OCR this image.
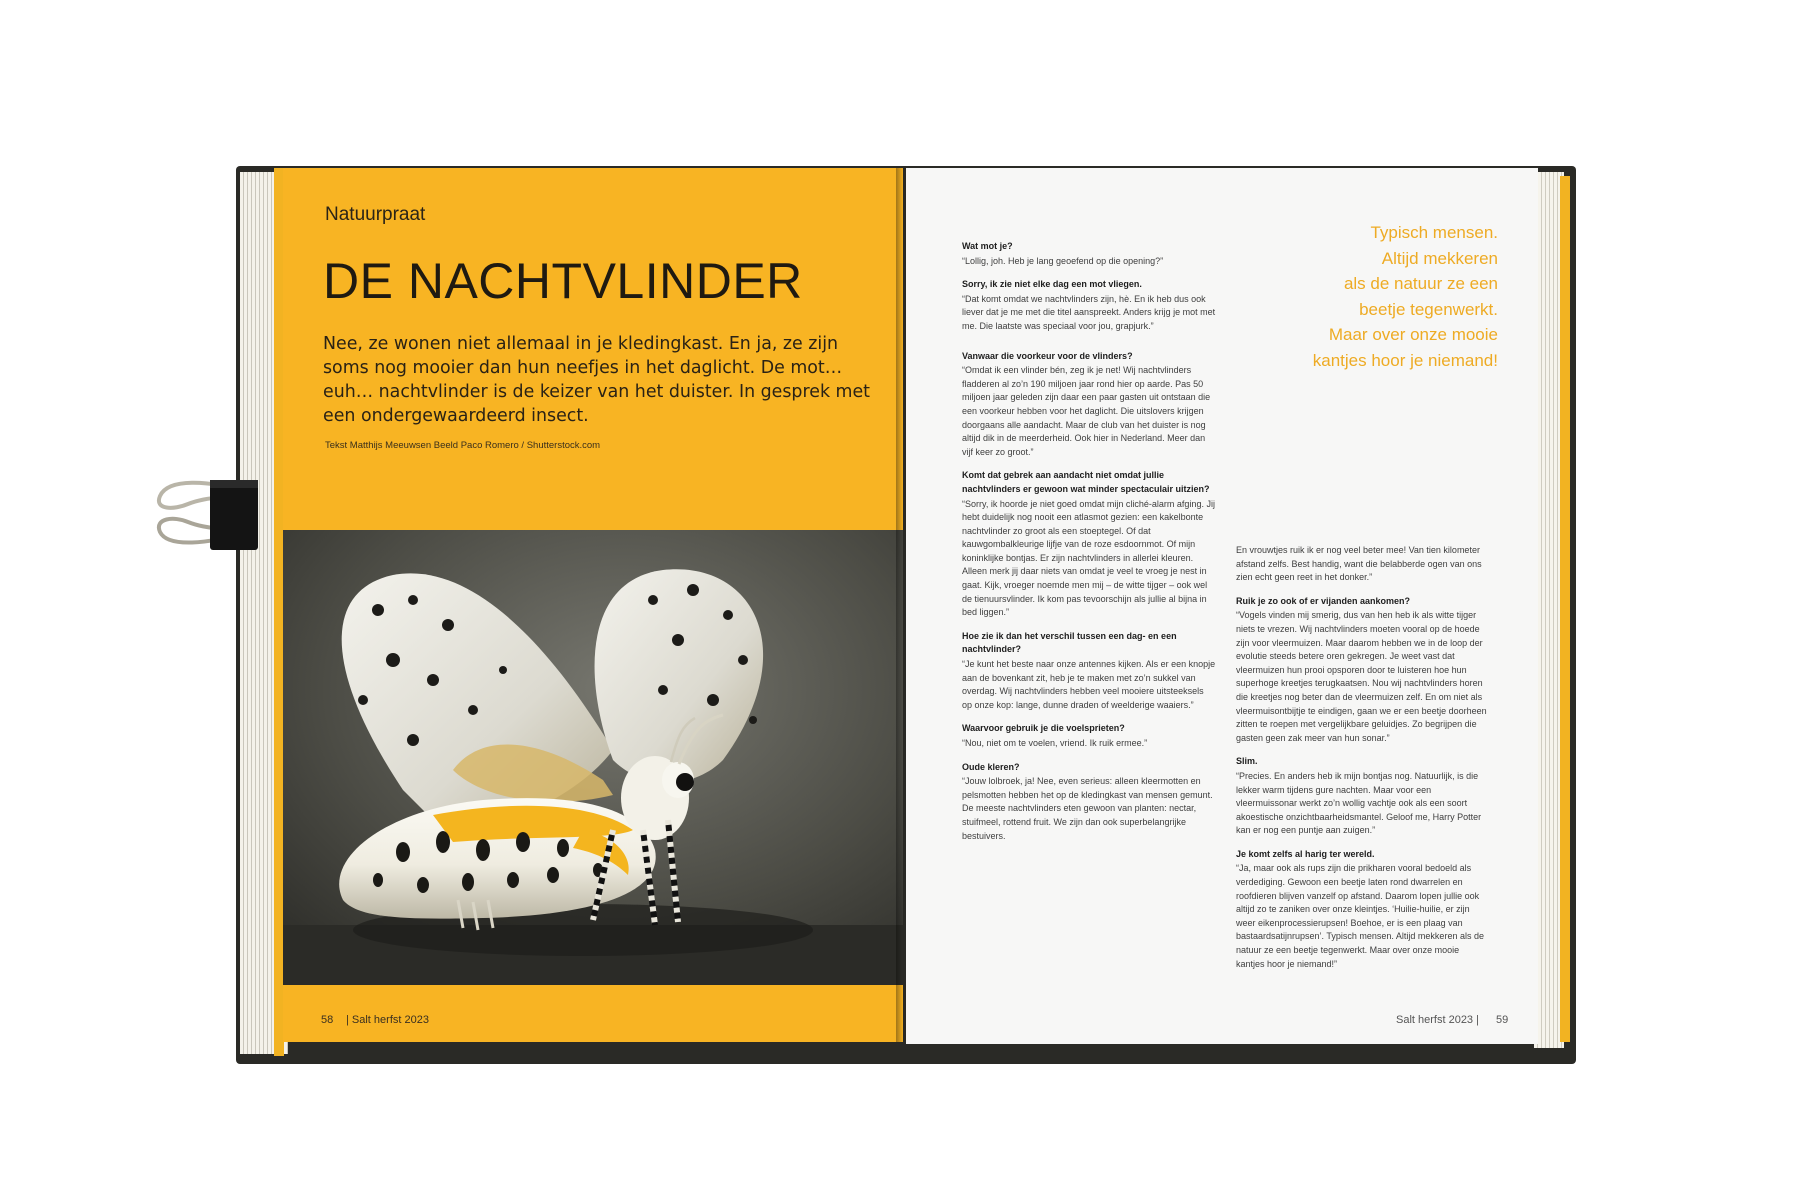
Natuurpraat
DE NACHTVLINDER
Nee, ze wonen niet allemaal in je kledingkast. En ja, ze zijn soms nog mooier dan hun neefjes in het daglicht. De mot… euh… nachtvlinder is de keizer van het duister. In gesprek met een ondergewaardeerd insect.
Tekst Matthijs Meeuwsen Beeld Paco Romero / Shutterstock.com
58 | Salt herfst 2023

Wat mot je?
“Lollig, joh. Heb je lang geoefend op die opening?”

Sorry, ik zie niet elke dag een mot vliegen.
“Dat komt omdat we nachtvlinders zijn, hè. En ik heb dus ook liever dat je me met die titel aanspreekt. Anders krijg je mot met me. Die laatste was speciaal voor jou, grapjurk.”

Vanwaar die voorkeur voor de vlinders?
“Omdat ik een vlinder bén, zeg ik je net! Wij nachtvlinders fladderen al zo’n 190 miljoen jaar rond hier op aarde. Pas 50 miljoen jaar geleden zijn daar een paar gasten uit ontstaan die een voorkeur hebben voor het daglicht. Die uitslovers krijgen doorgaans alle aandacht. Maar de club van het duister is nog altijd dik in de meerderheid. Ook hier in Nederland. Meer dan vijf keer zo groot.”

Komt dat gebrek aan aandacht niet omdat jullie nachtvlinders er gewoon wat minder spectaculair uitzien?
“Sorry, ik hoorde je niet goed omdat mijn cliché-alarm afging. Jij hebt duidelijk nog nooit een atlasmot gezien: een kakelbonte nachtvlinder zo groot als een stoeptegel. Of dat kauwgombalkleurige lijfje van de roze esdoornmot. Of mijn koninklijke bontjas. Er zijn nachtvlinders in allerlei kleuren. Alleen merk jij daar niets van omdat je veel te vroeg je nest in gaat. Kijk, vroeger noemde men mij – de witte tijger – ook wel de tienuursvlinder. Ik kom pas tevoorschijn als jullie al bijna in bed liggen.”

Hoe zie ik dan het verschil tussen een dag- en een nachtvlinder?
“Je kunt het beste naar onze antennes kijken. Als er een knopje aan de bovenkant zit, heb je te maken met zo’n sukkel van overdag. Wij nachtvlinders hebben veel mooiere uitsteeksels op onze kop: lange, dunne draden of weelderige waaiers.”

Waarvoor gebruik je die voelsprieten?
“Nou, niet om te voelen, vriend. Ik ruik ermee.”

Oude kleren?
“Jouw lolbroek, ja! Nee, even serieus: alleen kleermotten en pelsmotten hebben het op de kledingkast van mensen gemunt. De meeste nachtvlinders eten gewoon van planten: nectar, stuifmeel, rottend fruit. We zijn dan ook superbelangrijke bestuivers.

Typisch mensen.
Altijd mekkeren
als de natuur ze een
beetje tegenwerkt.
Maar over onze mooie
kantjes hoor je niemand!

En vrouwtjes ruik ik er nog veel beter mee! Van tien kilometer afstand zelfs. Best handig, want die belabberde ogen van ons zien echt geen reet in het donker.”

Ruik je zo ook of er vijanden aankomen?
“Vogels vinden mij smerig, dus van hen heb ik als witte tijger niets te vrezen. Wij nachtvlinders moeten vooral op de hoede zijn voor vleermuizen. Maar daarom hebben we in de loop der evolutie steeds betere oren gekregen. Je weet vast dat vleermuizen hun prooi opsporen door te luisteren hoe hun superhoge kreetjes terugkaatsen. Nou wij nachtvlinders horen die kreetjes nog beter dan de vleermuizen zelf. En om niet als vleermuisontbijtje te eindigen, gaan we er een beetje doorheen zitten te roepen met vergelijkbare geluidjes. Zo begrijpen die gasten geen zak meer van hun sonar.”

Slim.
“Precies. En anders heb ik mijn bontjas nog. Natuurlijk, is die lekker warm tijdens gure nachten. Maar voor een vleermuissonar werkt zo’n wollig vachtje ook als een soort akoestische onzichtbaarheidsmantel. Geloof me, Harry Potter kan er nog een puntje aan zuigen.”

Je komt zelfs al harig ter wereld.
“Ja, maar ook als rups zijn die prikharen vooral bedoeld als verdediging. Gewoon een beetje laten rond dwarrelen en roofdieren blijven vanzelf op afstand. Daarom lopen jullie ook altijd zo te zaniken over onze kleintjes. ‘Huilie-huilie, er zijn weer eikenprocessierupsen! Boehoe, er is een plaag van bastaardsatijnrupsen’. Typisch mensen. Altijd mekkeren als de natuur ze een beetje tegenwerkt. Maar over onze mooie kantjes hoor je niemand!”

Salt herfst 2023 | 59
